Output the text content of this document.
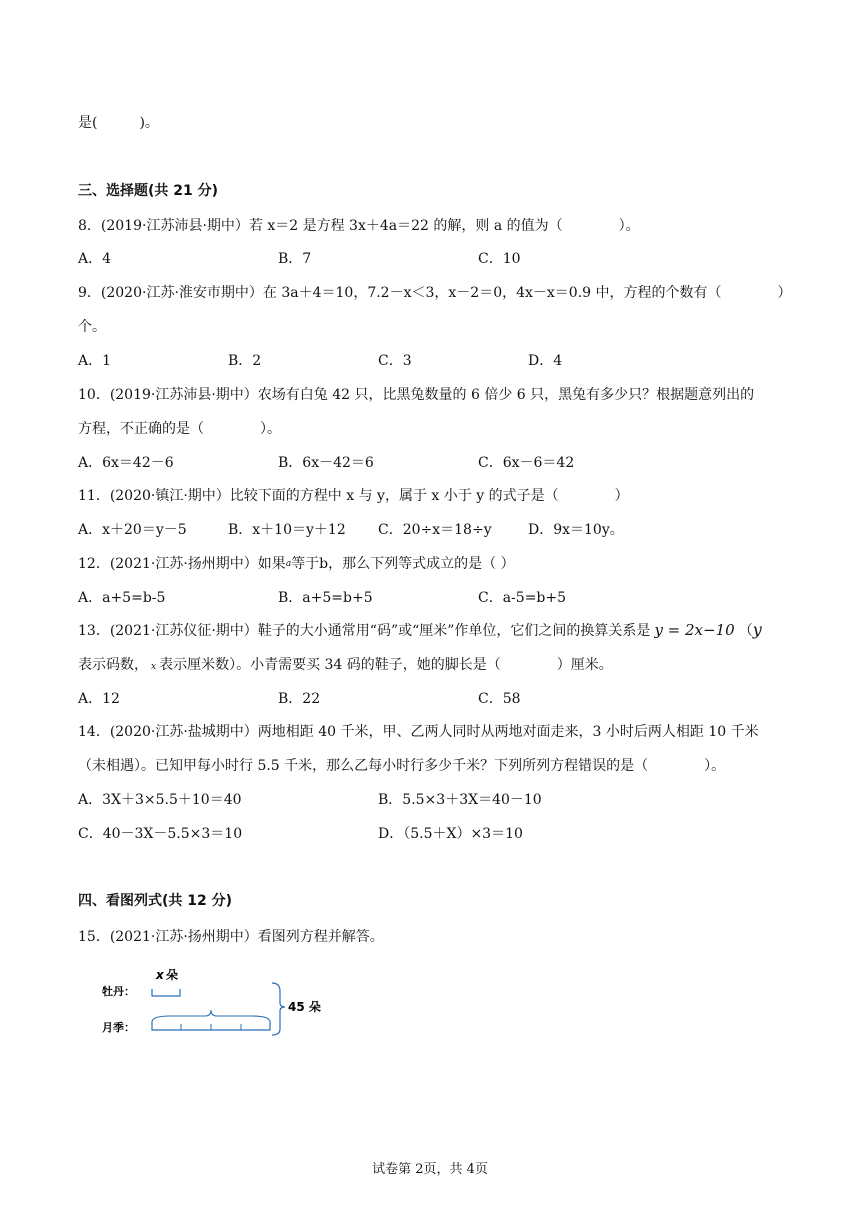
是(　　　)。
三、选择题(共 21 分)
8．(2019·江苏沛县·期中）若 x＝2 是方程 3x＋4a＝22 的解，则 a 的值为（　　　　）。
A．4	B．7	C．10
9．(2020·江苏·淮安市期中）在 3a＋4＝10，7.2－x＜3，x－2＝0，4x－x＝0.9 中，方程的个数有（　　　　）
个。
A．1	B．2	C．3	D．4
10．(2019·江苏沛县·期中）农场有白兔 42 只，比黑兔数量的 6 倍少 6 只，黑兔有多少只？根据题意列出的
方程，不正确的是（　　　　）。
A．6x＝42－6	B．6x－42＝6	C．6x－6＝42
11．(2020·镇江·期中）比较下面的方程中 x 与 y，属于 x 小于 y 的式子是（　　　　）
A．x＋20＝y－5	B．x＋10＝y＋12 C．20÷x＝18÷y	D．9x＝10y。
12．(2021·江苏·扬州期中）如果a等于b，那么下列等式成立的是（ ）
A．a+5=b-5	B．a+5=b+5	C．a-5=b+5
13．(2021·江苏仪征·期中）鞋子的大小通常用“码”或“厘米”作单位，它们之间的换算关系是 y = 2x−10 （y
表示码数， x 表示厘米数）。小青需要买 34 码的鞋子，她的脚长是（　　　　）厘米。
A．12	B．22	C．58
14．(2020·江苏·盐城期中）两地相距 40 千米，甲、乙两人同时从两地对面走来，3 小时后两人相距 10 千米
（未相遇）。已知甲每小时行 5.5 千米，那么乙每小时行多少千米？下列所列方程错误的是（　　　　）。
A．3X＋3×5.5＋10＝40	B．5.5×3＋3X＝40－10
C．40－3X－5.5×3＝10	D．（5.5＋X）×3＝10
四、看图列式(共 12 分)
15．(2021·江苏·扬州期中）看图列方程并解答。
x 朵
牡丹：
月季：
45 朵
试卷第 2页，共 4页
